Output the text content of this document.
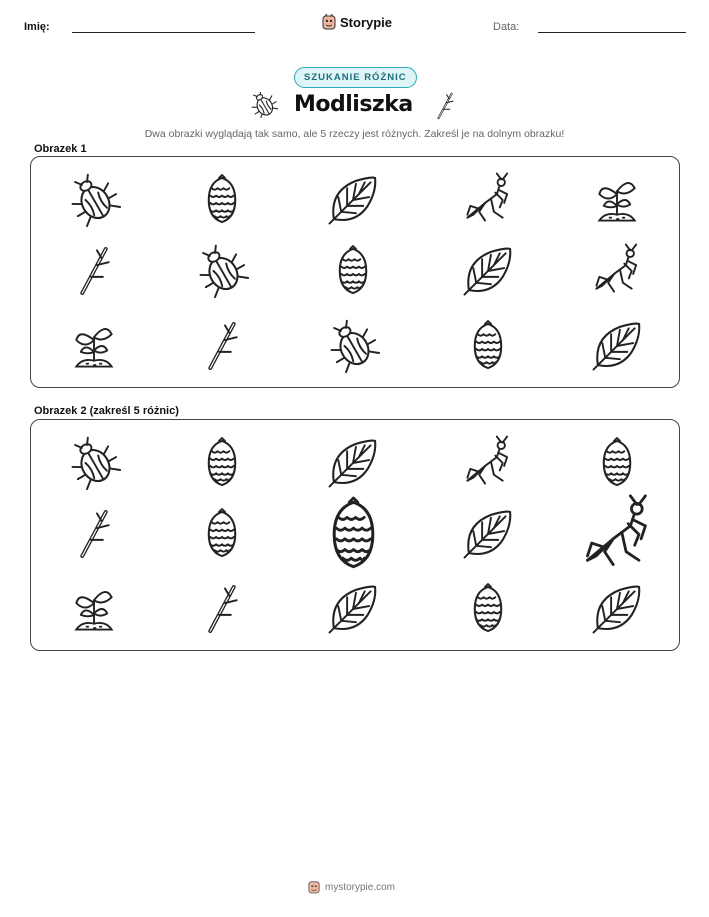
Imię:	Storypie	Data:
SZUKANIE RÓŻNIC
Modliszka
Dwa obrazki wyglądają tak samo, ale 5 rzeczy jest różnych. Zakreśl je na dolnym obrazku!
Obrazek 1
Obrazek 2 (zakreśl 5 różnic)
mystorypie.com
